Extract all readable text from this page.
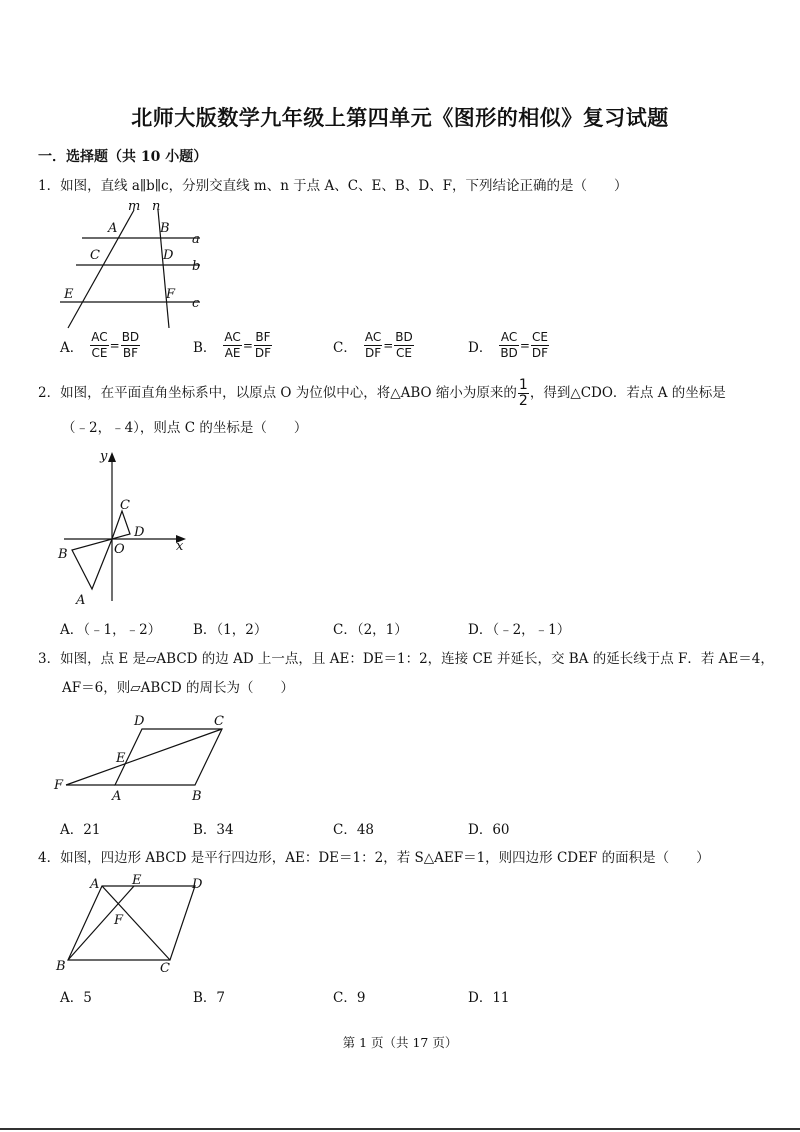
北师大版数学九年级上第四单元《图形的相似》复习试题
一．选择题（共 10 小题）
1．如图，直线 a∥b∥c，分别交直线 m、n 于点 A、C、E、B、D、F，下列结论正确的是（　　）
m n
A	B
C	D
E	F
a
b
c
A． $\frac{AC}{CE} = \frac{BD}{BF}$	B． $\frac{AC}{AE} = \frac{BF}{DF}$	C． $\frac{AC}{DF} = \frac{BD}{CE}$	D． $\frac{AC}{BD} = \frac{CE}{DF}$
2．如图，在平面直角坐标系中，以原点 O 为位似中心，将△ABO 缩小为原来的 $\frac{1}{2}$ ，得到△CDO．若点 A 的坐标是
（﹣2，﹣4），则点 C 的坐标是（　　）
y
x
C
D
O
B
A
A．（﹣1，﹣2） B．（1，2）	C．（2，1）	D．（﹣2，﹣1）
3．如图，点 E 是▱ABCD 的边 AD 上一点，且 AE：DE＝1：2，连接 CE 并延长，交 BA 的延长线于点 F．若 AE＝4，
AF＝6，则▱ABCD 的周长为（　　）
D	C
E
F
A	B
A．21	B．34	C．48	D．60
4．如图，四边形 ABCD 是平行四边形，AE：DE＝1：2，若 S△AEF＝1，则四边形 CDEF 的面积是（　　）
A	E	D
F
B	C
A．5	B．7	C．9	D．11
第 1 页（共 17 页）
